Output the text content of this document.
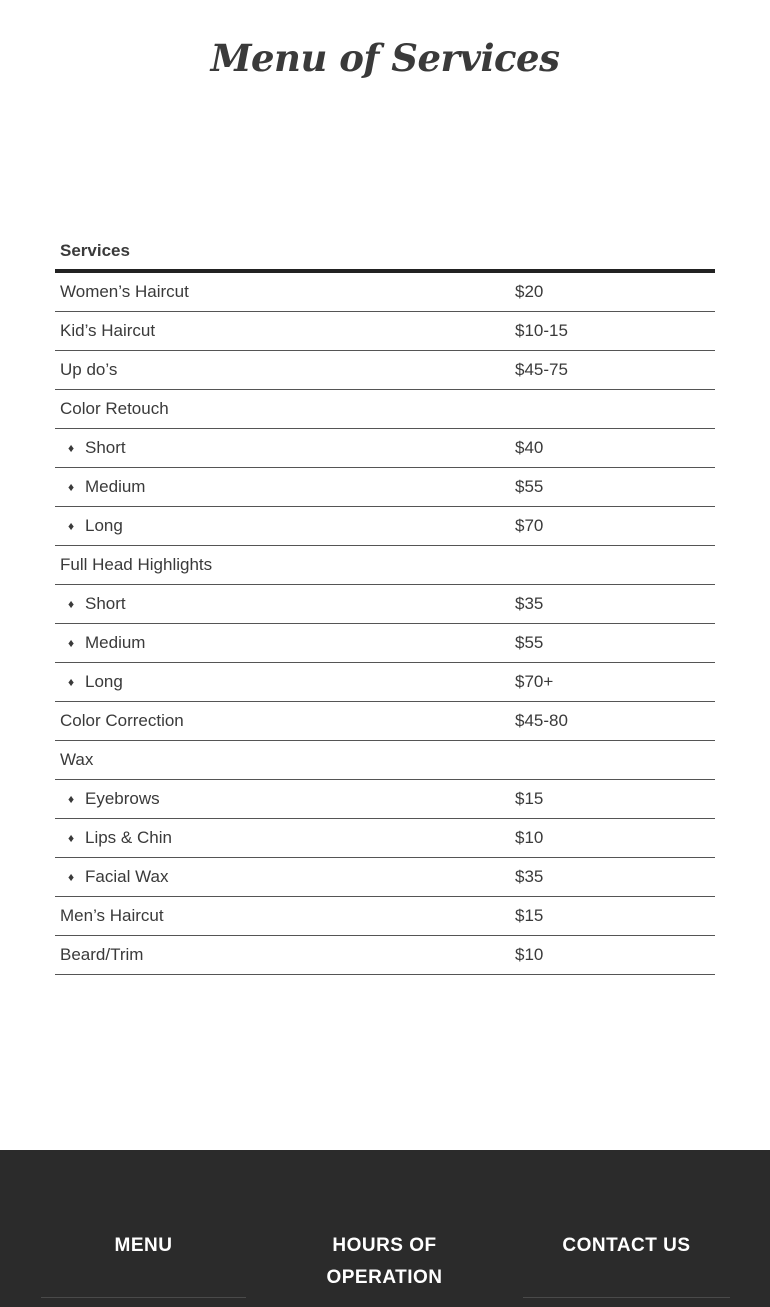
Menu of Services
Services
Women’s Haircut	$20
Kid’s Haircut	$10-15
Up do’s	$45-75
Color Retouch
♦ Short	$40
♦ Medium	$55
♦ Long	$70
Full Head Highlights
♦ Short	$35
♦ Medium	$55
♦ Long	$70+
Color Correction	$45-80
Wax
♦ Eyebrows	$15
♦ Lips & Chin	$10
♦ Facial Wax	$35
Men’s Haircut	$15
Beard/Trim	$10
MENU	HOURS OF OPERATION
CONTACT US
